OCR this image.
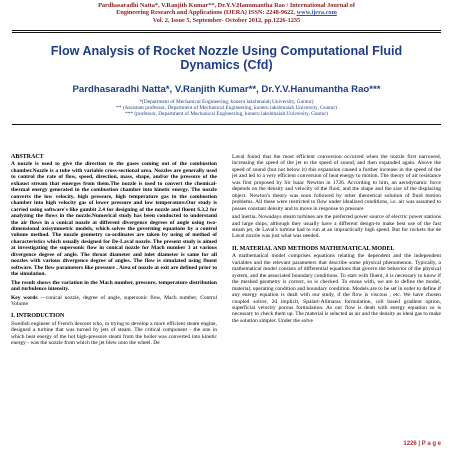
Pardhasaradhi Natta*, V.Ranjith Kumar**, Dr.Y.V.Hanumantha Rao / International Journal of
Engineering Research and Applications (IJERA) ISSN: 2248-9622, www.ijera.com
Vol. 2, Issue 5, September- October 2012, pp.1226-1235
Flow Analysis of Rocket Nozzle Using Computational Fluid Dynamics (Cfd)
Pardhasaradhi Natta*, V.Ranjith Kumar**, Dr.Y.V.Hanumantha Rao***
*(Department of Mechanical Engineering, koneru lakshmaiah University, Guntur)
** (Assistant professor, Department of Mechanical Engineering, koneru lakshmaiah University, Guntur)
*** (professor, Department of Mechanical Engineering, koneru lakshmaiah University, Guntur)
ABSTRACT

A nozzle is used to give the direction to the gases coming out of the combustion chamber.Nozzle is a tube with variable cross-sectional area. Nozzles are generally used to control the rate of flow, speed, direction, mass, shape, and/or the pressure of the exhaust stream that emerges from them.The nozzle is used to convert the chemical-thermal energy generated in the combustion chamber into kinetic energy. The nozzle converts the low velocity, high pressure, high temperature gas in the combustion chamber into high velocity gas of lower pressure and low temperature.Our study is carried using software's like gambit 2.4 for designing of the nozzle and fluent 6.3.2 for analyzing the flows in the nozzle.Numerical study has been conducted to understand the air flows in a conical nozzle at different divergence degrees of angle using two-dimensional axisymmetric models, which solves the governing equations by a control volume method. The nozzle geometry co-ordinates are taken by using of method of characteristics which usually designed for De-Laval nozzle. The present study is aimed at investigating the supersonic flow in conical nozzle for Mach number 3 at various divergence degree of angle. The throat diameter and inlet diameter is same for all nozzles with various divergence degree of angles. The flow is simulated using fluent software. The flow parameters like pressure , Area of nozzle at exit are defined prior to the simulation.

The result shows the variation in the Mach number, pressure, temperature distribution and turbulence intensity.

Key words —conical nozzle, degree of angle, supersonic flow, Mach number, Control Volume

I. INTRODUCTION

Swedish engineer of French descent who, in trying to develop a more efficient steam engine, designed a turbine that was turned by jets of steam. The critical component - the one in which heat energy of the hot high-pressure steam from the boiler was converted into kinetic energy - was the nozzle from which the jet blew onto the wheel. De

Laval found that the most efficient conversion occurred when the nozzle first narrowed, increasing the speed of the jet to the speed of sound, and then expanded again. Above the speed of sound (but not below it) this expansion caused a further increase in the speed of the jet and led to a very efficient conversion of heat energy to motion. The theory of air resistance was first proposed by Sir Isaac Newton in 1726. According to him, an aerodynamic force depends on the density and velocity of the fluid, and the shape and the size of the displacing object. Newton's theory was soon followed by other theoretical solution of fluid motion problems. All these were restricted to flow under idealized conditions, i.e. air was assumed to posses constant density and to move in response to pressure

and inertia. Nowadays steam turbines are the preferred power source of electric power stations and large ships, although they usually have a different design-to make best use of the fast steam jet, de Laval's turbine had to run at an impractically high speed. But for rockets the de Laval nozzle was just what was needed.

II. MATERIAL AND METHODS MATHEMATICAL MODEL

A mathematical model comprises equations relating the dependent and the independent variables and the relevant parameters that describe some physical phenomenon. Typically, a mathematical model consists of differential equations that govern the behavior of the physical system, and the associated boundary conditions. To start with fluent, it is necessary to know if the meshed geometry is correct, so is checked. To ensue with, we are to define the model, material, operating condition and boundary condition. Models are to be set in order to define if any energy equation is dealt with our study, if the flow is viscous , etc. We have chosen coupled solver, 2d implicit, Spalart-Allmaras formulation, cell based gradient option, superficial velocity porous formulation. As our flow is dealt with energy equation so is necessary to check them up. The material is selected as air and the density as ideal gas to make the solution simpler. Under the solve

1226 | P a g e
